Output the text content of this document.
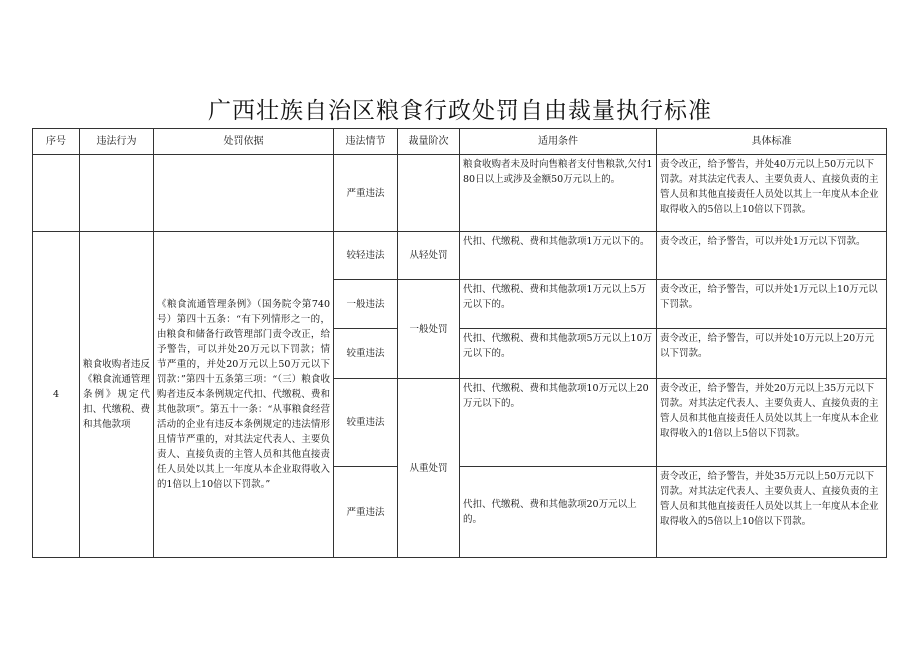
广西壮族自治区粮食行政处罚自由裁量执行标准
序号	违法行为	处罚依据	违法情节	裁量阶次	适用条件	具体标准
			严重违法		粮食收购者未及时向售粮者支付售粮款,欠付180日以上或涉及金额50万元以上的。	责令改正，给予警告，并处40万元以上50万元以下罚款。对其法定代表人、主要负责人、直接负责的主管人员和其他直接责任人员处以其上一年度从本企业取得收入的5倍以上10倍以下罚款。
4	粮食收购者违反《粮食流通管理条例》规定代扣、代缴税、费和其他款项	《粮食流通管理条例》（国务院令第740号）第四十五条：“有下列情形之一的，由粮食和储备行政管理部门责令改正，给予警告，可以并处20万元以下罚款；情节严重的，并处20万元以上50万元以下罚款：”第四十五条第三项：“（三）粮食收购者违反本条例规定代扣、代缴税、费和其他款项”。第五十一条：“从事粮食经营活动的企业有违反本条例规定的违法情形且情节严重的，对其法定代表人、主要负责人、直接负责的主管人员和其他直接责任人员处以其上一年度从本企业取得收入的1倍以上10倍以下罚款。”	较轻违法	从轻处罚	代扣、代缴税、费和其他款项1万元以下的。	责令改正，给予警告，可以并处1万元以下罚款。
			一般违法	一般处罚	代扣、代缴税、费和其他款项1万元以上5万元以下的。	责令改正，给予警告，可以并处1万元以上10万元以下罚款。
			较重违法		代扣、代缴税、费和其他款项5万元以上10万元以下的。	责令改正，给予警告，可以并处10万元以上20万元以下罚款。
			较重违法	从重处罚	代扣、代缴税、费和其他款项10万元以上20万元以下的。	责令改正，给予警告，并处20万元以上35万元以下罚款。对其法定代表人、主要负责人、直接负责的主管人员和其他直接责任人员处以其上一年度从本企业取得收入的1倍以上5倍以下罚款。
			严重违法		代扣、代缴税、费和其他款项20万元以上的。	责令改正，给予警告，并处35万元以上50万元以下罚款。对其法定代表人、主要负责人、直接负责的主管人员和其他直接责任人员处以其上一年度从本企业取得收入的5倍以上10倍以下罚款。
